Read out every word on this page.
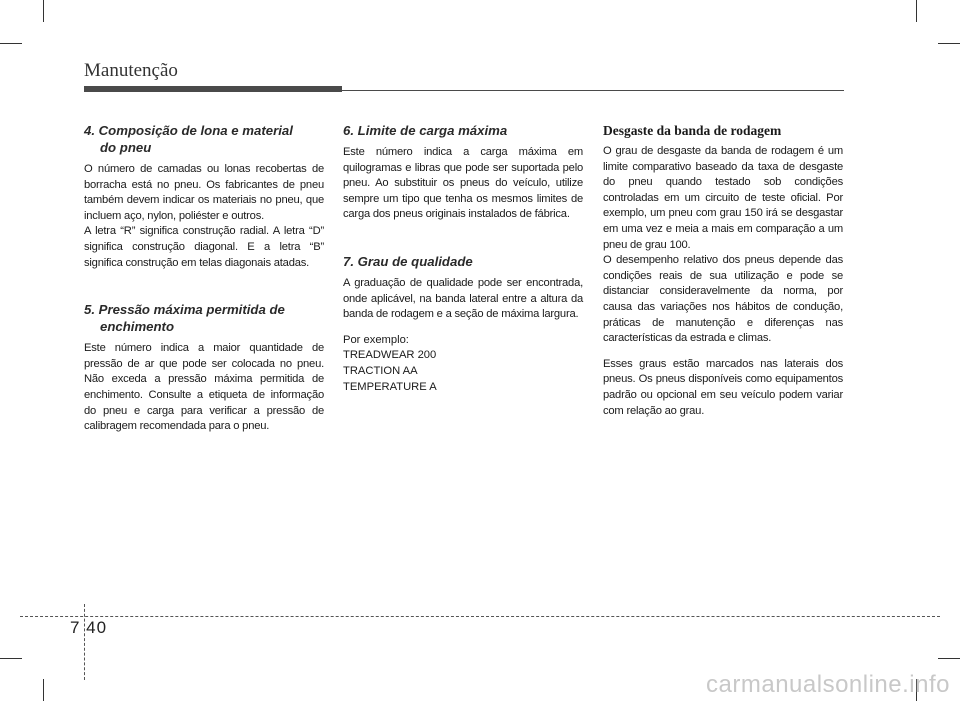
Manutenção
4. Composição de lona e material
do pneu

O número de camadas ou lonas recobertas de borracha está no pneu. Os fabricantes de pneu também devem indicar os materiais no pneu, que incluem aço, nylon, poliéster e outros.

A letra “R” significa construção radial. A letra “D” significa construção diagonal. E a letra “B” significa construção em telas diagonais atadas.

5. Pressão máxima permitida de
enchimento

Este número indica a maior quantidade de pressão de ar que pode ser colocada no pneu. Não exceda a pressão máxima permitida de enchimento. Consulte a etiqueta de informação do pneu e carga para verificar a pressão de calibragem recomendada para o pneu.

6. Limite de carga máxima

Este número indica a carga máxima em quilogramas e libras que pode ser suportada pelo pneu. Ao substituir os pneus do veículo, utilize sempre um tipo que tenha os mesmos limites de carga dos pneus originais instalados de fábrica.

7. Grau de qualidade

A graduação de qualidade pode ser encontrada, onde aplicável, na banda lateral entre a altura da banda de rodagem e a seção de máxima largura.

Por exemplo:

TREADWEAR 200

TRACTION AA

TEMPERATURE A

Desgaste da banda de rodagem

O grau de desgaste da banda de rodagem é um limite comparativo baseado da taxa de desgaste do pneu quando testado sob condições controladas em um circuito de teste oficial. Por exemplo, um pneu com grau 150 irá se desgastar em uma vez e meia a mais em comparação a um pneu de grau 100.

O desempenho relativo dos pneus depende das condições reais de sua utilização e pode se distanciar consideravelmente da norma, por causa das variações nos hábitos de condução, práticas de manutenção e diferenças nas características da estrada e climas.

Esses graus estão marcados nas laterais dos pneus. Os pneus disponíveis como equipamentos padrão ou opcional em seu veículo podem variar com relação ao grau.

7 40
carmanualsonline.info
